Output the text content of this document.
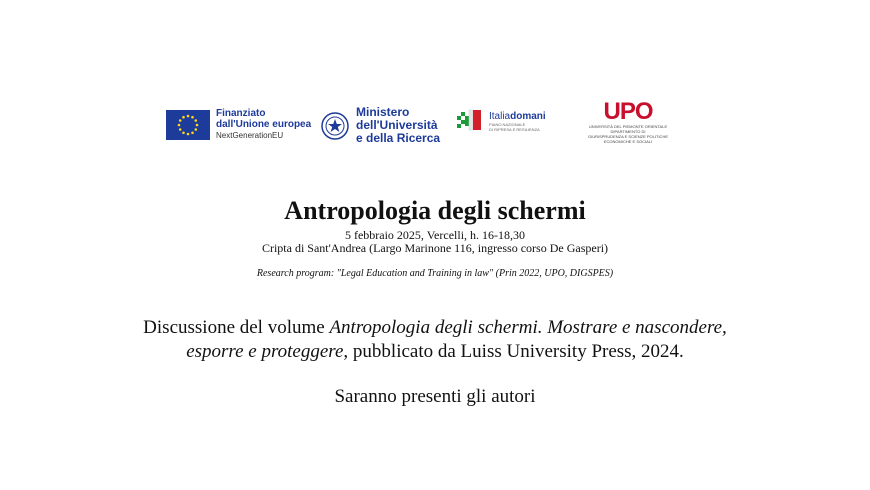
Finanziato
dall'Unione europea
NextGenerationEU
Ministero
dell'Università
e della Ricerca
Italiadomani
PIANO NAZIONALE
DI RIPRESA E RESILIENZA
UPO
UNIVERSITÀ DEL PIEMONTE ORIENTALE
DIPARTIMENTO DI
GIURISPRUDENZA E SCIENZE POLITICHE
ECONOMICHE E SOCIALI
Antropologia degli schermi
5 febbraio 2025, Vercelli, h. 16-18,30
Cripta di Sant'Andrea (Largo Marinone 116, ingresso corso De Gasperi)
Research program: "Legal Education and Training in law" (Prin 2022, UPO, DIGSPES)
Discussione del volume Antropologia degli schermi. Mostrare e nascondere,
esporre e proteggere, pubblicato da Luiss University Press, 2024.
Saranno presenti gli autori
